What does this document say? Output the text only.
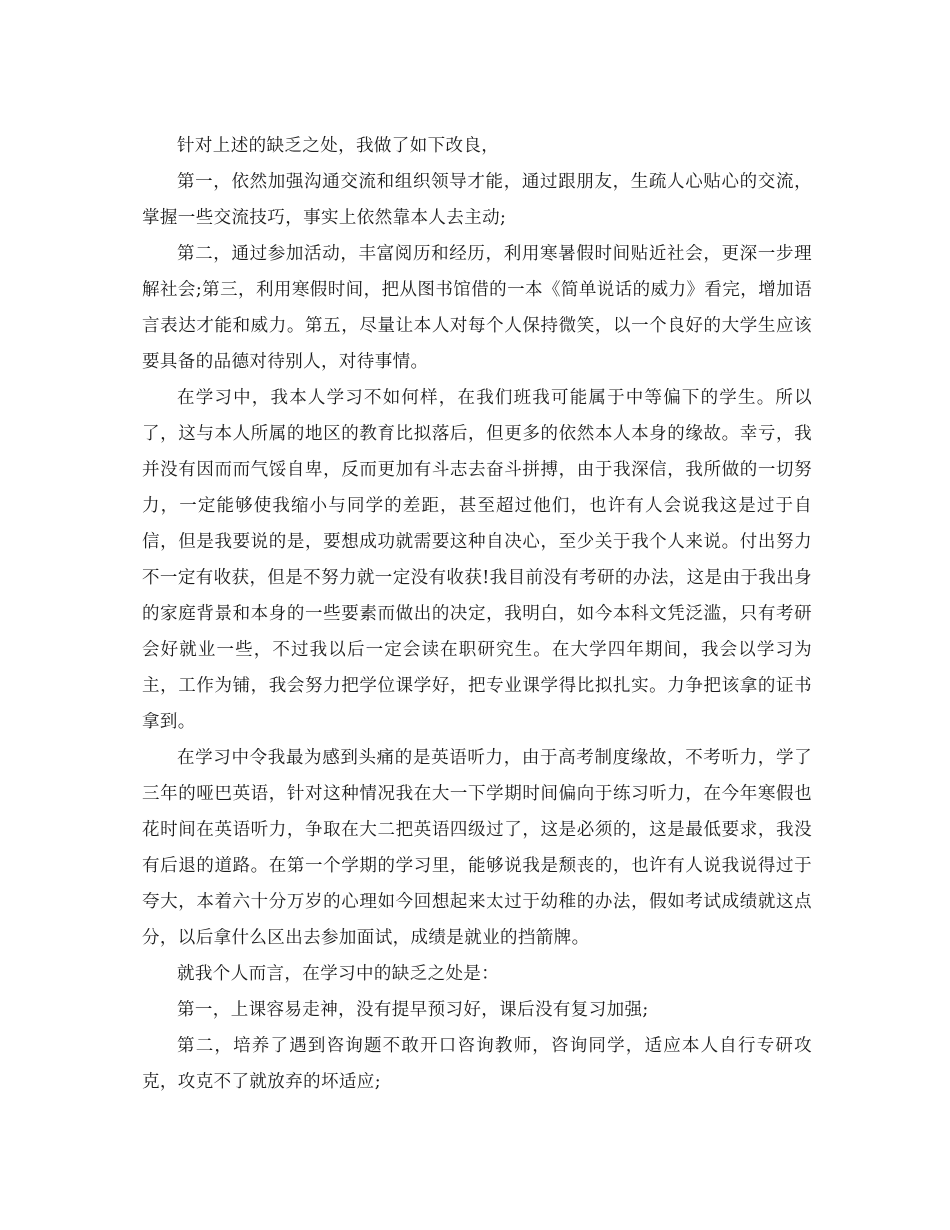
针对上述的缺乏之处，我做了如下改良，

第一，依然加强沟通交流和组织领导才能，通过跟朋友，生疏人心贴心的交流，掌握一些交流技巧，事实上依然靠本人去主动;

第二，通过参加活动，丰富阅历和经历，利用寒暑假时间贴近社会，更深一步理解社会;第三，利用寒假时间，把从图书馆借的一本《简单说话的威力》看完，增加语言表达才能和威力。第五，尽量让本人对每个人保持微笑，以一个良好的大学生应该要具备的品德对待别人，对待事情。

在学习中，我本人学习不如何样，在我们班我可能属于中等偏下的学生。所以了，这与本人所属的地区的教育比拟落后，但更多的依然本人本身的缘故。幸亏，我并没有因而而气馁自卑，反而更加有斗志去奋斗拼搏，由于我深信，我所做的一切努力，一定能够使我缩小与同学的差距，甚至超过他们，也许有人会说我这是过于自信，但是我要说的是，要想成功就需要这种自决心，至少关于我个人来说。付出努力不一定有收获，但是不努力就一定没有收获!我目前没有考研的办法，这是由于我出身的家庭背景和本身的一些要素而做出的决定，我明白，如今本科文凭泛滥，只有考研会好就业一些，不过我以后一定会读在职研究生。在大学四年期间，我会以学习为主，工作为铺，我会努力把学位课学好，把专业课学得比拟扎实。力争把该拿的证书拿到。

在学习中令我最为感到头痛的是英语听力，由于高考制度缘故，不考听力，学了三年的哑巴英语，针对这种情况我在大一下学期时间偏向于练习听力，在今年寒假也花时间在英语听力，争取在大二把英语四级过了，这是必须的，这是最低要求，我没有后退的道路。在第一个学期的学习里，能够说我是颓丧的，也许有人说我说得过于夸大，本着六十分万岁的心理如今回想起来太过于幼稚的办法，假如考试成绩就这点分，以后拿什么区出去参加面试，成绩是就业的挡箭牌。

就我个人而言，在学习中的缺乏之处是：

第一，上课容易走神，没有提早预习好，课后没有复习加强;

第二，培养了遇到咨询题不敢开口咨询教师，咨询同学，适应本人自行专研攻克，攻克不了就放弃的坏适应;
